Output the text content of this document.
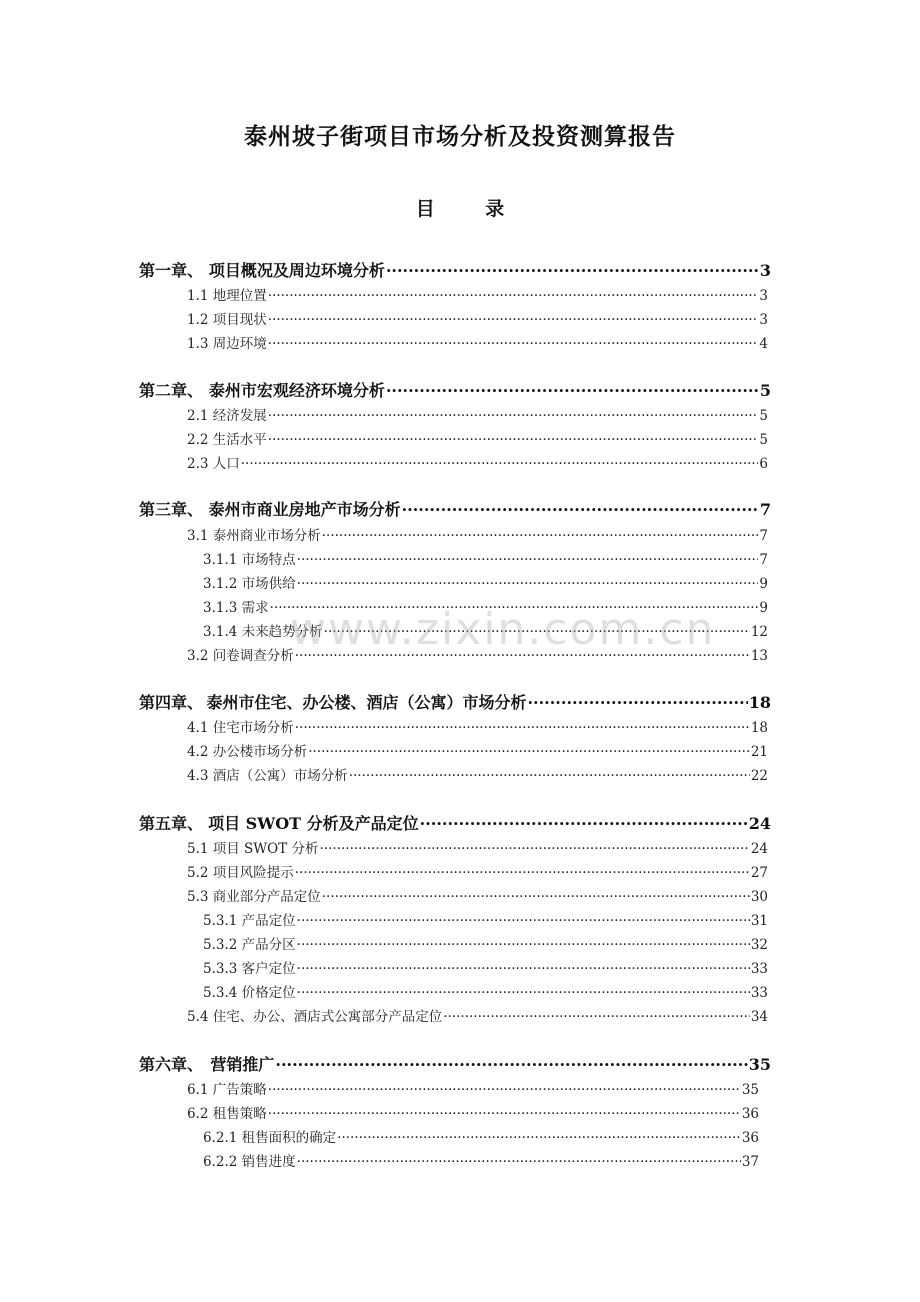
泰州坡子街项目市场分析及投资测算报告
目 录
第一章、 项目概况及周边环境分析 ·····	3
1.1 地理位置 ·····	3
1.2 项目现状 ·····	3
1.3 周边环境 ·····	4
第二章、 泰州市宏观经济环境分析 ·····	5
2.1 经济发展 ·····	5
2.2 生活水平 ·····	5
2.3 人口 ·····	6
第三章、 泰州市商业房地产市场分析 ·····	7
3.1 泰州商业市场分析 ·····	7
3.1.1 市场特点 ·····	7
3.1.2 市场供给 ·····	9
3.1.3 需求 ·····	9
3.1.4 未来趋势分析 ·····	12
3.2 问卷调查分析 ·····	13
第四章、 泰州市住宅、办公楼、酒店（公寓）市场分析 ·····	18
4.1 住宅市场分析 ·····	18
4.2 办公楼市场分析 ·····	21
4.3 酒店（公寓）市场分析 ·····	22
第五章、 项目 SWOT 分析及产品定位 ·····	24
5.1 项目 SWOT 分析 ·····	24
5.2 项目风险提示 ·····	27
5.3 商业部分产品定位 ·····	30
5.3.1 产品定位 ·····	31
5.3.2 产品分区 ·····	32
5.3.3 客户定位 ·····	33
5.3.4 价格定位 ·····	33
5.4 住宅、办公、酒店式公寓部分产品定位 ·····	34
第六章、 营销推广 ·····	35
6.1 广告策略 ·····	35
6.2 租售策略 ·····	36
6.2.1 租售面积的确定 ·····	36
6.2.2 销售进度 ·····	37
www.zixin.com.cn
